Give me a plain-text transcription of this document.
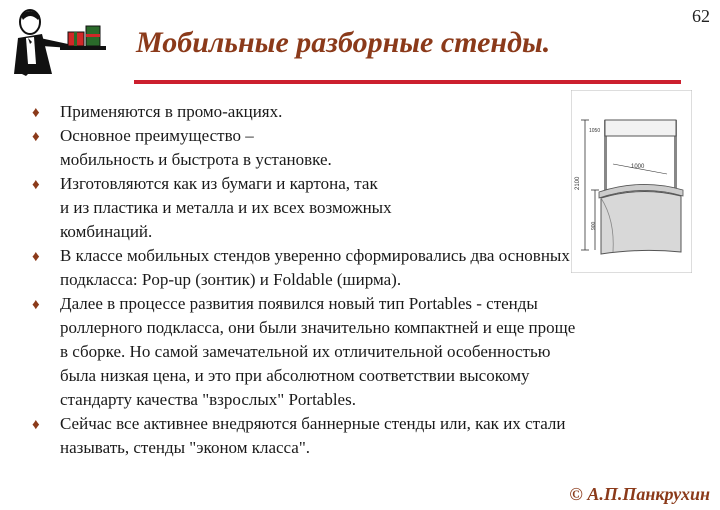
Мобильные разборные стенды.
62
2100
1050
900
1000
♦ Применяются в промо-акциях.
♦ Основное преимущество –
мобильность и быстрота в установке.
♦ Изготовляются как из бумаги и картона, так
и из пластика и металла и их всех возможных
комбинаций.
♦ В классе мобильных стендов уверенно сформировались два основных
подкласса: Pop-up (зонтик) и Foldable (ширма).
♦ Далее в процессе развития появился новый тип Portables - стенды
роллерного подкласса, они были значительно компактней и еще проще
в сборке. Но самой замечательной их отличительной особенностью
была низкая цена, и это при абсолютном соответствии высокому
стандарту качества "взрослых" Portables.
♦ Сейчас все активнее внедряются баннерные стенды или, как их стали
называть, стенды "эконом класса".
© А.П.Панкрухин
